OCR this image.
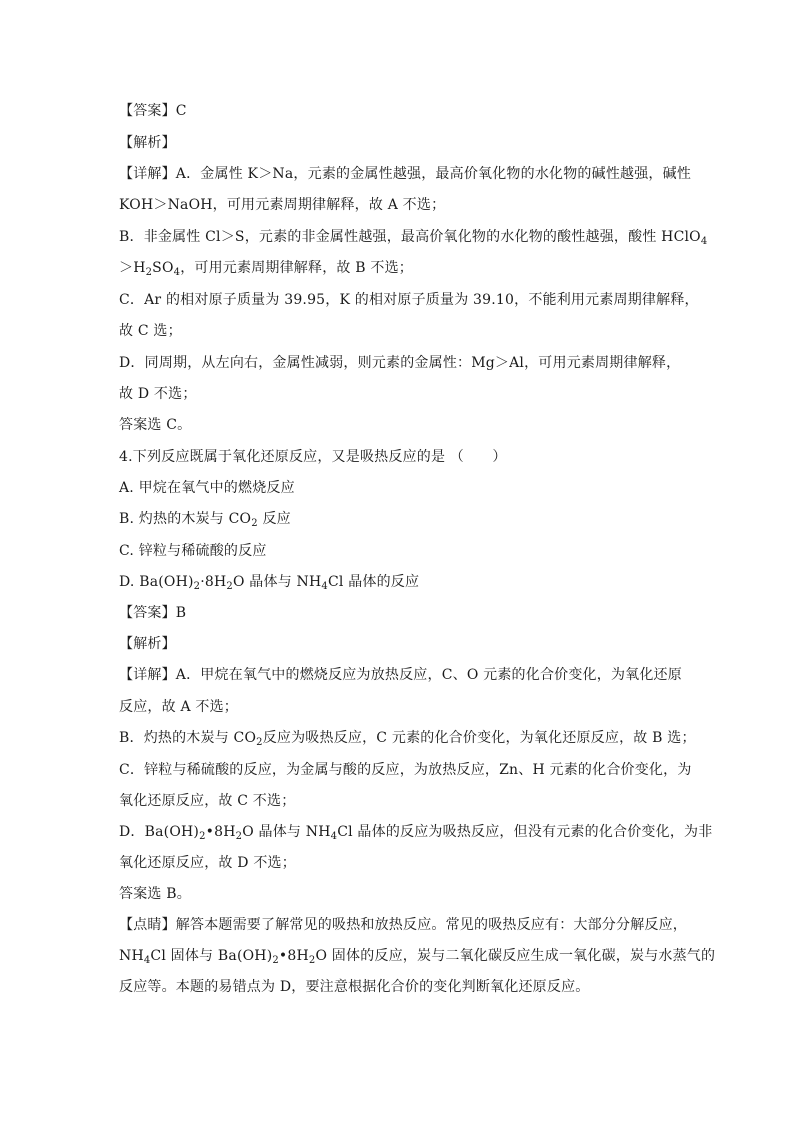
【答案】C
【解析】
【详解】A．金属性 K＞Na，元素的金属性越强，最高价氧化物的水化物的碱性越强，碱性
KOH＞NaOH，可用元素周期律解释，故 A 不选；
B．非金属性 Cl＞S，元素的非金属性越强，最高价氧化物的水化物的酸性越强，酸性 HClO$_4$
$>H_2SO_4$，可用元素周期律解释，故 B 不选；
C．Ar 的相对原子质量为 39.95，K 的相对原子质量为 39.10，不能利用元素周期律解释，
故 C 选；
D．同周期，从左向右，金属性减弱，则元素的金属性：Mg＞Al，可用元素周期律解释，
故 D 不选；
答案选 C。
4.下列反应既属于氧化还原反应，又是吸热反应的是 （　　）
A. 甲烷在氧气中的燃烧反应
B. 灼热的木炭与 $CO_2$ 反应
C. 锌粒与稀硫酸的反应
D. $Ba(OH)_2\cdot 8H_2O$ 晶体与 $NH_4Cl$ 晶体的反应
【答案】B
【解析】
【详解】A．甲烷在氧气中的燃烧反应为放热反应，C、O 元素的化合价变化，为氧化还原
反应，故 A 不选；
B．灼热的木炭与 $CO_2$反应为吸热反应，C 元素的化合价变化，为氧化还原反应，故 B 选；
C．锌粒与稀硫酸的反应，为金属与酸的反应，为放热反应，Zn、H 元素的化合价变化，为
氧化还原反应，故 C 不选；
D．$Ba(OH)_2•8H_2O$ 晶体与 $NH_4Cl$ 晶体的反应为吸热反应，但没有元素的化合价变化，为非
氧化还原反应，故 D 不选；
答案选 B。
【点睛】解答本题需要了解常见的吸热和放热反应。常见的吸热反应有：大部分分解反应，
$NH_4Cl$ 固体与 $Ba(OH)_2•8H_2O$ 固体的反应，炭与二氧化碳反应生成一氧化碳，炭与水蒸气的
反应等。本题的易错点为 D，要注意根据化合价的变化判断氧化还原反应。
